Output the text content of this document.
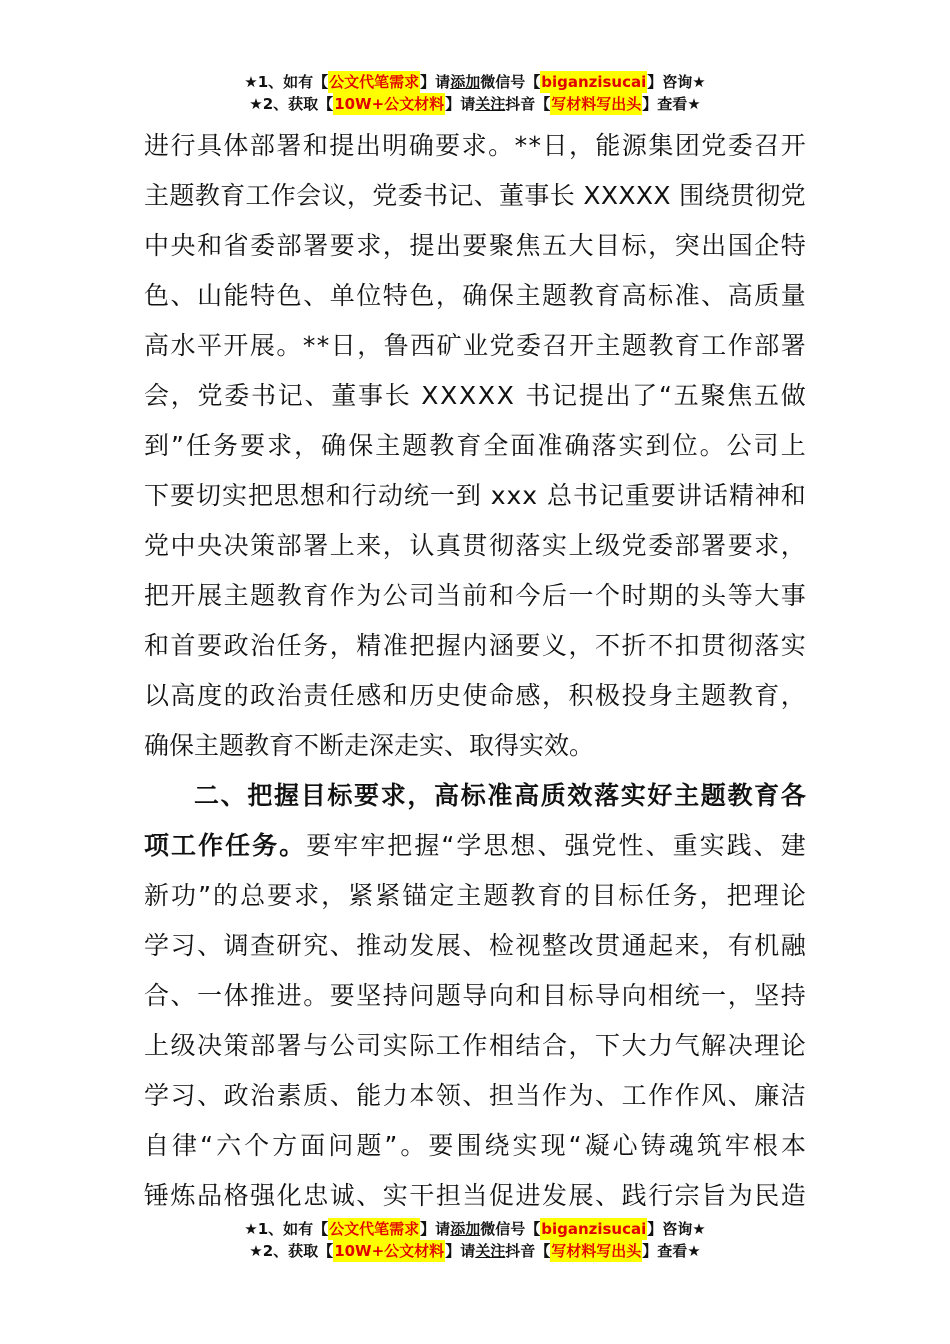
★1、如有【 公文代笔需求 】请 添加 微信号【 biganzisucai 】咨询★
★2、获取【 10W+公文材料 】请 关注 抖音【 写材料写出头 】查看★
进 行 具 体 部 署 和 提 出 明 确 要 求 。 * * 日 ， 能 源 集 团 党 委 召 开
主 题 教 育 工 作 会 议 ， 党 委 书 记 、 董 事 长
X X X X X
围 绕 贯 彻 党
中 央 和 省 委 部 署 要 求 ， 提 出 要 聚 焦 五 大 目 标 ， 突 出 国 企 特
色 、 山 能 特 色 、 单 位 特 色 ， 确 保 主 题 教 育 高 标 准 、 高 质 量
高 水 平 开 展 。 * * 日 ， 鲁 西 矿 业 党 委 召 开 主 题 教 育 工 作 部 署
会 ， 党 委 书 记 、 董 事 长
X X X X X
书 记 提 出 了 “ 五 聚 焦 五 做
到 ” 任 务 要 求 ， 确 保 主 题 教 育 全 面 准 确 落 实 到 位 。 公 司 上
下 要 切 实 把 思 想 和 行 动 统 一 到
x x x
总 书 记 重 要 讲 话 精 神 和
党 中 央 决 策 部 署 上 来 ， 认 真 贯 彻 落 实 上 级 党 委 部 署 要 求 ，
把 开 展 主 题 教 育 作 为 公 司 当 前 和 今 后 一 个 时 期 的 头 等 大 事
和 首 要 政 治 任 务 ， 精 准 把 握 内 涵 要 义 ， 不 折 不 扣 贯 彻 落 实
以 高 度 的 政 治 责 任 感 和 历 史 使 命 感 ， 积 极 投 身 主 题 教 育 ，
确保主题教育不断走深走实、取得实效。
二 、 把 握 目 标 要 求 ， 高 标 准 高 质 效 落 实 好 主 题 教 育 各
项 工 作 任 务 。 要 牢 牢 把 握 “ 学 思 想 、 强 党 性 、 重 实 践 、 建
新 功 ” 的 总 要 求 ， 紧 紧 锚 定 主 题 教 育 的 目 标 任 务 ， 把 理 论
学 习 、 调 查 研 究 、 推 动 发 展 、 检 视 整 改 贯 通 起 来 ， 有 机 融
合 、 一 体 推 进 。 要 坚 持 问 题 导 向 和 目 标 导 向 相 统 一 ， 坚 持
上 级 决 策 部 署 与 公 司 实 际 工 作 相 结 合 ， 下 大 力 气 解 决 理 论
学 习 、 政 治 素 质 、 能 力 本 领 、 担 当 作 为 、 工 作 作 风 、 廉 洁
自 律 “ 六 个 方 面 问 题 ” 。 要 围 绕 实 现 “ 凝 心 铸 魂 筑 牢 根 本
锤 炼 品 格 强 化 忠 诚 、 实 干 担 当 促 进 发 展 、 践 行 宗 旨 为 民 造
★1、如有【 公文代笔需求 】请 添加 微信号【 biganzisucai 】咨询★
★2、获取【 10W+公文材料 】请 关注 抖音【 写材料写出头 】查看★
